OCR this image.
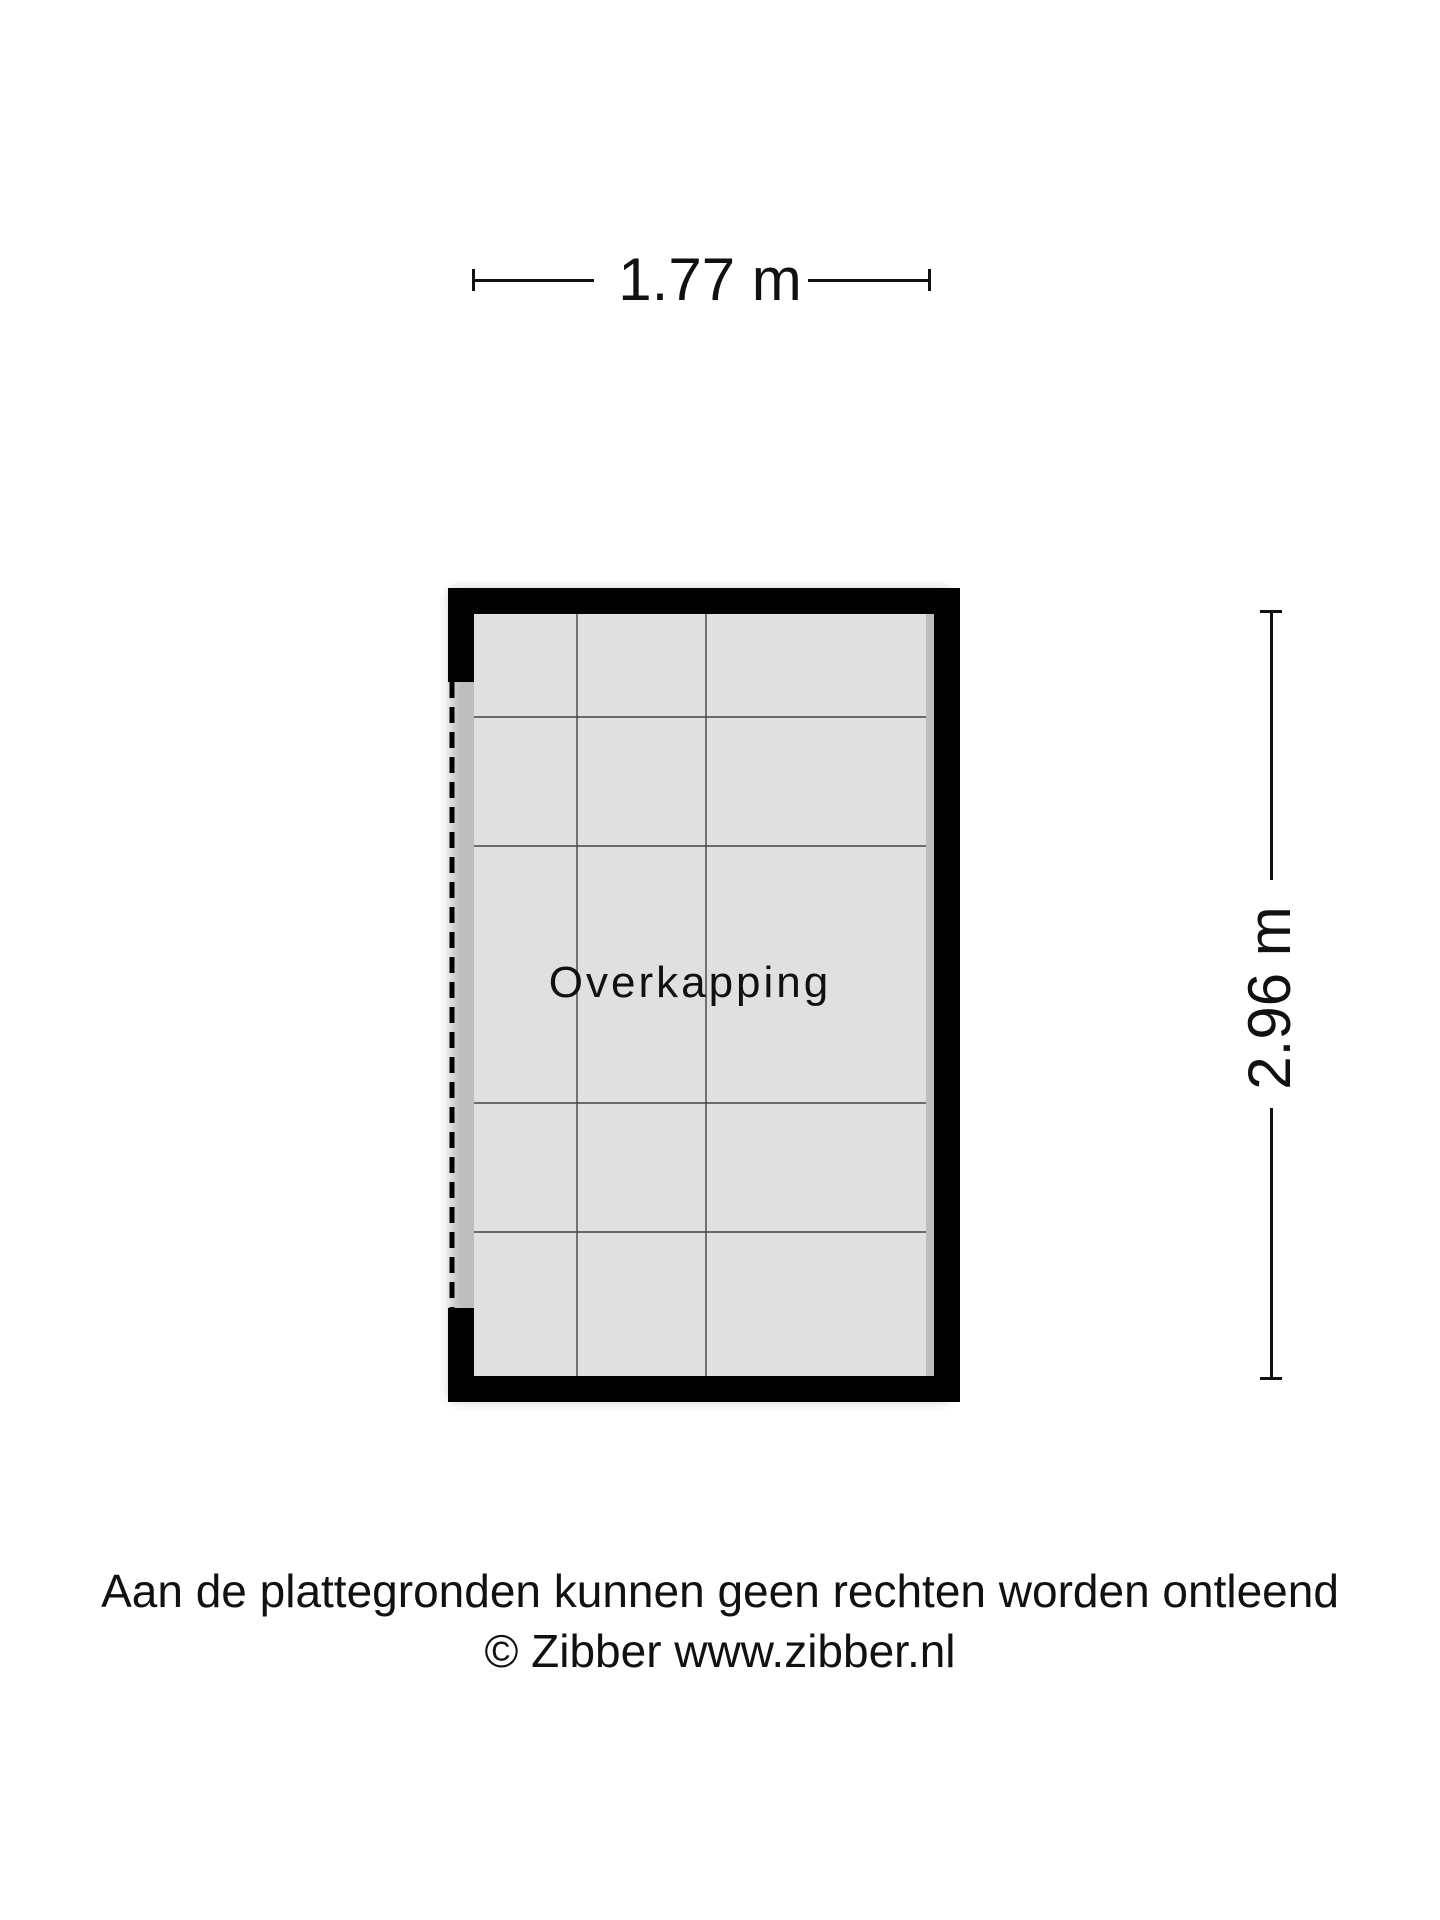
1.77 m
Overkapping	2.96 m
Aan de plattegronden kunnen geen rechten worden ontleend
© Zibber www.zibber.nl
